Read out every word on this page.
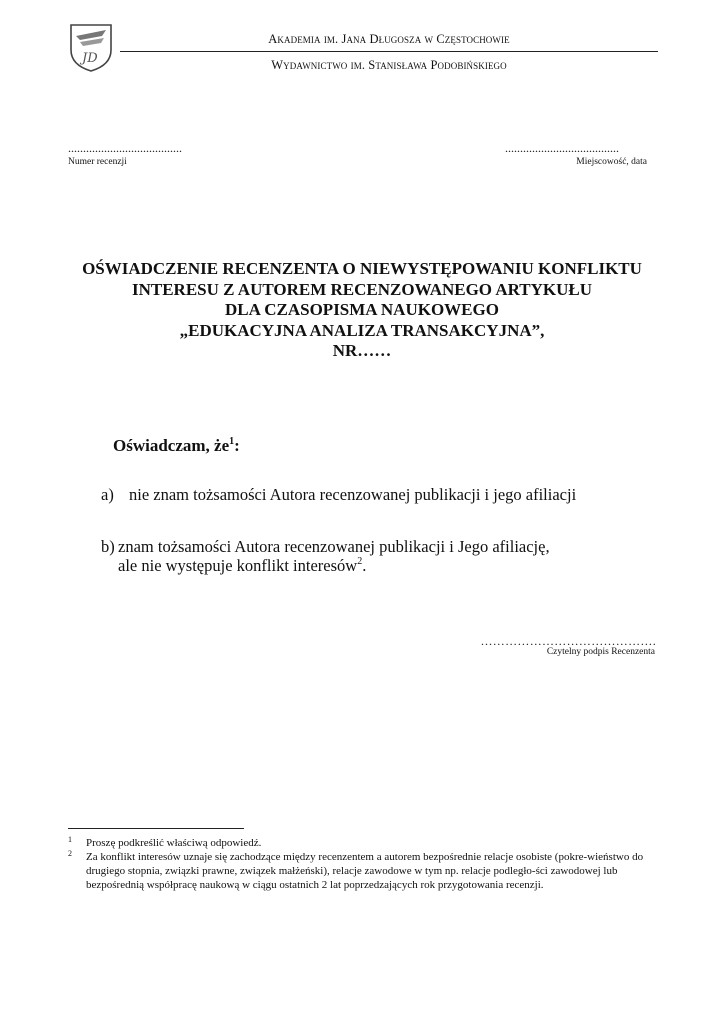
JD
Akademia im. Jana Długosza w Częstochowie
Wydawnictwo im. Stanisława Podobińskiego
......................................
Numer recenzji
......................................
Miejscowość, data
OŚWIADCZENIE RECENZENTA O NIEWYSTĘPOWANIU KONFLIKTU
INTERESU Z AUTOREM RECENZOWANEGO ARTYKUŁU
DLA CZASOPISMA NAUKOWEGO
„EDUKACYJNA ANALIZA TRANSAKCYJNA”,
NR……
Oświadczam, $że^1$:
a) nie znam tożsamości Autora recenzowanej publikacji i jego afiliacji
b) znam tożsamości Autora recenzowanej publikacji i Jego afiliację,
ale nie występuje konflikt interesów$^2$.
…………………………………….
Czytelny podpis Recenzenta
1 Proszę podkreślić właściwą odpowiedź.
2 Za konflikt interesów uznaje się zachodzące między recenzentem a autorem bezpośrednie relacje osobiste (pokre-wieństwo do drugiego stopnia, związki prawne, związek małżeński), relacje zawodowe w tym np. relacje podległo-ści zawodowej lub bezpośrednią współpracę naukową w ciągu ostatnich 2 lat poprzedzających rok przygotowania recenzji.
